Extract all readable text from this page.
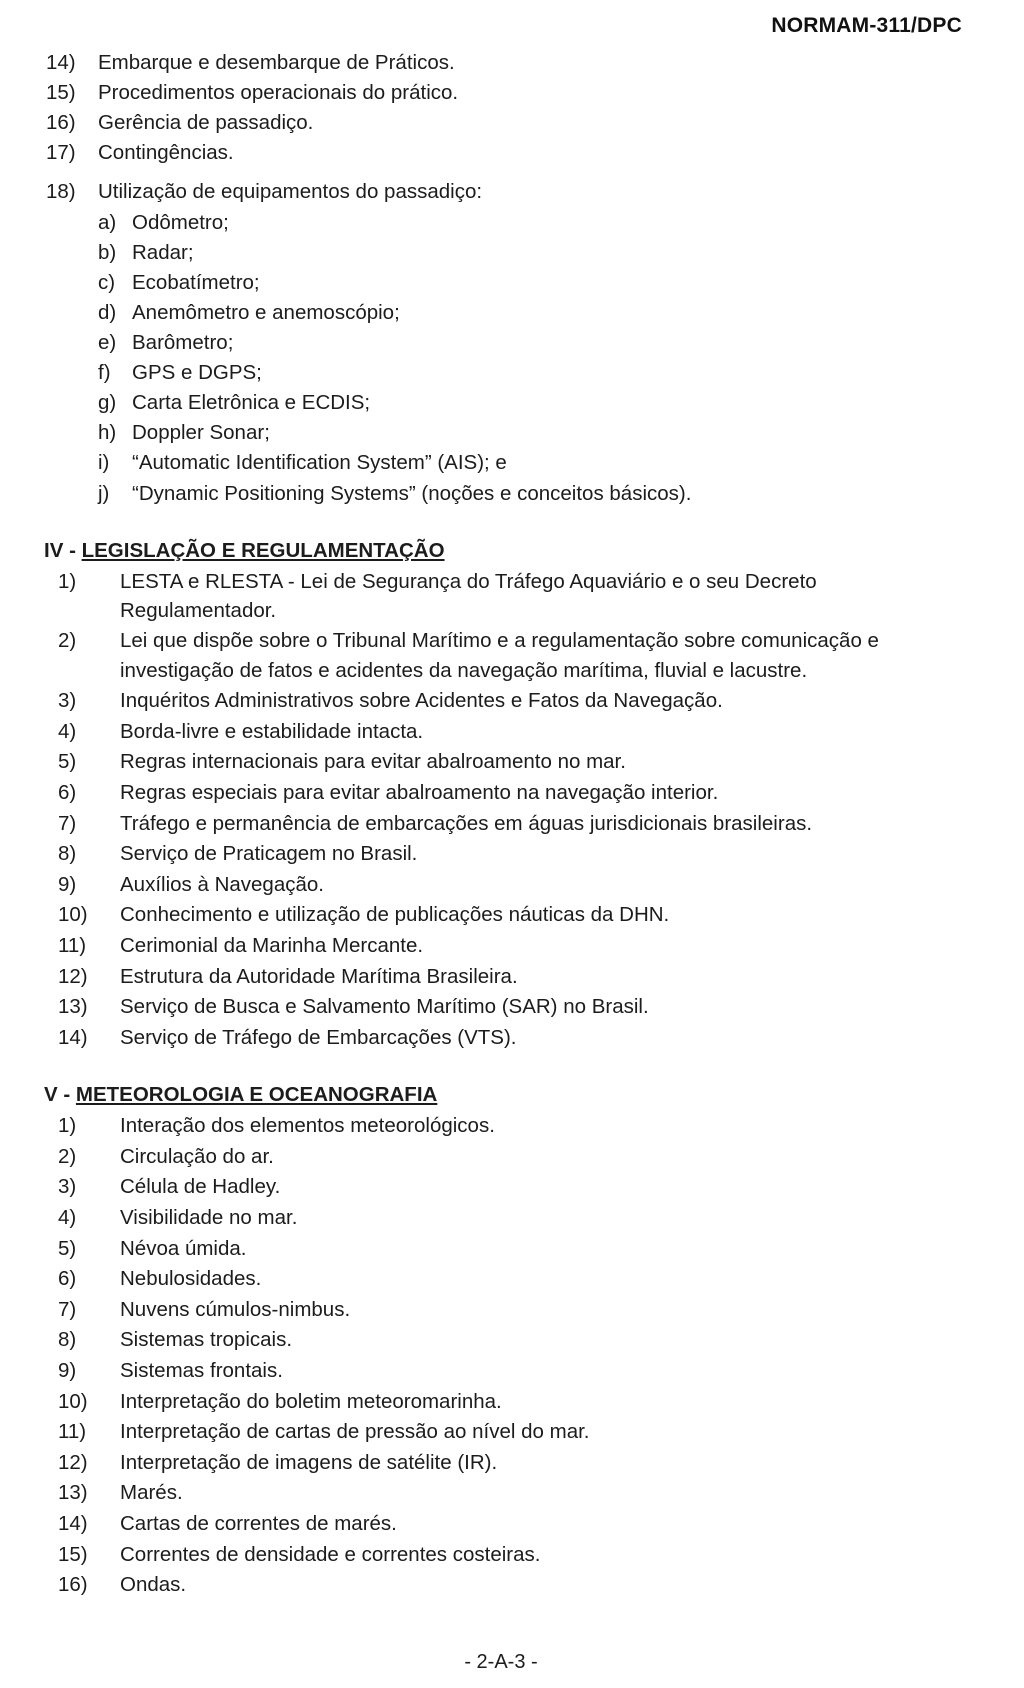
NORMAM-311/DPC
14)	Embarque e desembarque de Práticos.
15)	Procedimentos operacionais do prático.
16)	Gerência de passadiço.
17)	Contingências.
18)	Utilização de equipamentos do passadiço:
a) Odômetro;
b) Radar;
c) Ecobatímetro;
d) Anemômetro e anemoscópio;
e) Barômetro;
f)	GPS e DGPS;
g) Carta Eletrônica e ECDIS;
h) Doppler Sonar;
i)	“Automatic Identification System” (AIS); e
j)	“Dynamic Positioning Systems” (noções e conceitos básicos).
IV - LEGISLAÇÃO E REGULAMENTAÇÃO
1)	LESTA e RLESTA - Lei de Segurança do Tráfego Aquaviário e o seu Decreto Regulamentador.
2)	Lei que dispõe sobre o Tribunal Marítimo e a regulamentação sobre comunicação e
investigação de fatos e acidentes da navegação marítima, fluvial e lacustre.
3)	Inquéritos Administrativos sobre Acidentes e Fatos da Navegação.
4)	Borda-livre e estabilidade intacta.
5)	Regras internacionais para evitar abalroamento no mar.
6)	Regras especiais para evitar abalroamento na navegação interior.
7)	Tráfego e permanência de embarcações em águas jurisdicionais brasileiras.
8)	Serviço de Praticagem no Brasil.
9)	Auxílios à Navegação.
10)	Conhecimento e utilização de publicações náuticas da DHN.
11)	Cerimonial da Marinha Mercante.
12)	Estrutura da Autoridade Marítima Brasileira.
13)	Serviço de Busca e Salvamento Marítimo (SAR) no Brasil.
14)	Serviço de Tráfego de Embarcações (VTS).
V - METEOROLOGIA E OCEANOGRAFIA
1)	Interação dos elementos meteorológicos.
2)	Circulação do ar.
3)	Célula de Hadley.
4)	Visibilidade no mar.
5)	Névoa úmida.
6)	Nebulosidades.
7)	Nuvens cúmulos-nimbus.
8)	Sistemas tropicais.
9)	Sistemas frontais.
10)	Interpretação do boletim meteoromarinha.
11)	Interpretação de cartas de pressão ao nível do mar.
12)	Interpretação de imagens de satélite (IR).
13)	Marés.
14)	Cartas de correntes de marés.
15)	Correntes de densidade e correntes costeiras.
16)	Ondas.
- 2-A-3 -
